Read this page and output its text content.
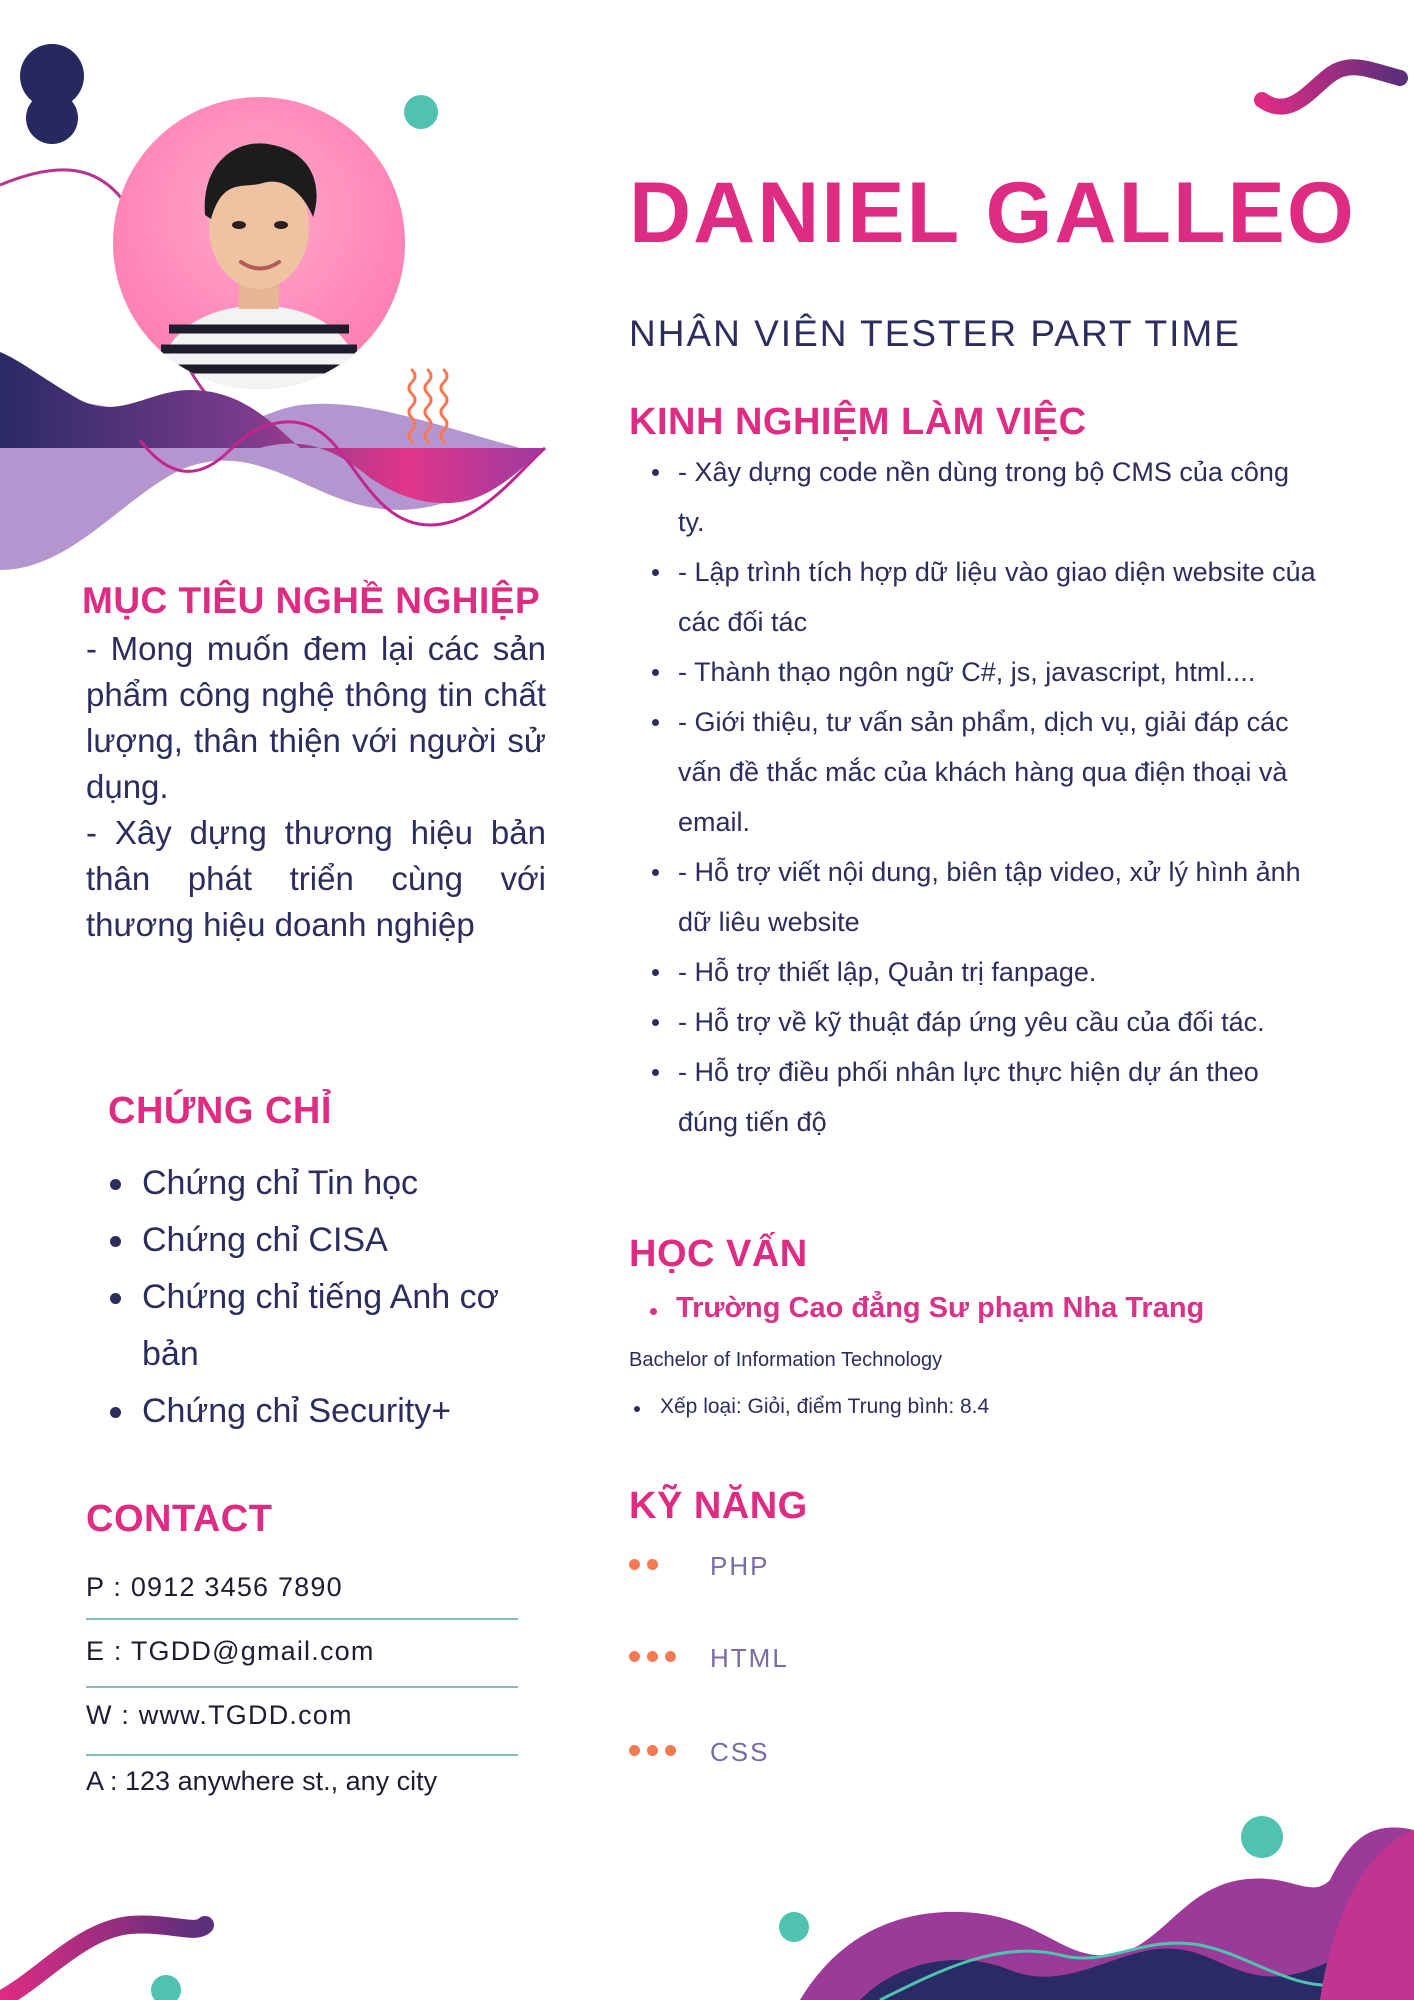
DANIEL GALLEO
NHÂN VIÊN TESTER PART TIME
MỤC TIÊU NGHỀ NGHIỆP

- Mong muốn đem lại các sản phẩm công nghệ thông tin chất lượng, thân thiện với người sử dụng.

- Xây dựng thương hiệu bản thân phát triển cùng với thương hiệu doanh nghiệp

CHỨNG CHỈ
Chứng chỉ Tin học
Chứng chỉ CISA
Chứng chỉ tiếng Anh cơ bản
Chứng chỉ Security+
CONTACT
P : 0912 3456 7890
E : TGDD@gmail.com
W : www.TGDD.com
A : 123 anywhere st., any city
KINH NGHIỆM LÀM VIỆC
- Xây dựng code nền dùng trong bộ CMS của công ty.
- Lập trình tích hợp dữ liệu vào giao diện website của các đối tác
- Thành thạo ngôn ngữ C#, js, javascript, html....
- Giới thiệu, tư vấn sản phẩm, dịch vụ, giải đáp các vấn đề thắc mắc của khách hàng qua điện thoại và email.
- Hỗ trợ viết nội dung, biên tập video, xử lý hình ảnh dữ liêu website
- Hỗ trợ thiết lập, Quản trị fanpage.
- Hỗ trợ về kỹ thuật đáp ứng yêu cầu của đối tác.
- Hỗ trợ điều phối nhân lực thực hiện dự án theo đúng tiến độ
HỌC VẤN
Trường Cao đẳng Sư phạm Nha Trang
Bachelor of Information Technology
Xếp loại: Giỏi, điểm Trung bình: 8.4
KỸ NĂNG
PHP
HTML
CSS
